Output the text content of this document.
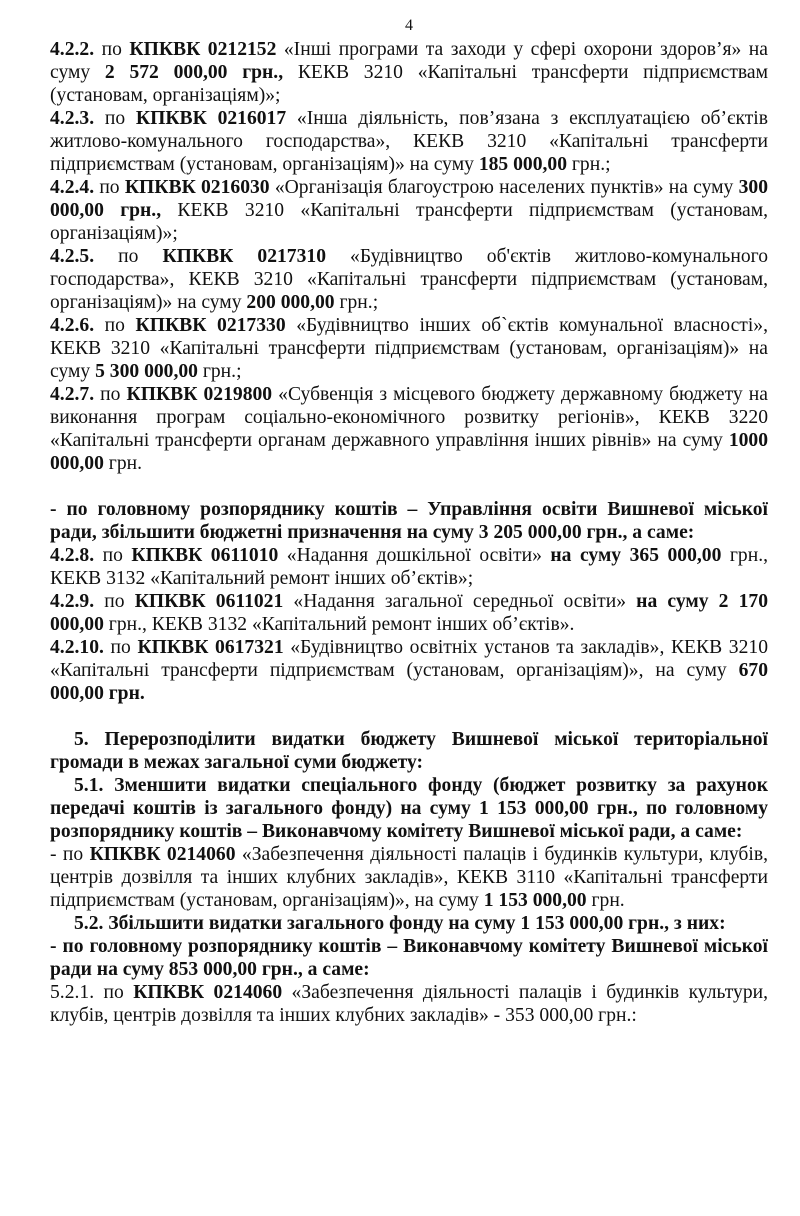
4

4.2.2. по КПКВК 0212152 «Інші програми та заходи у сфері охорони здоров’я» на суму 2 572 000,00 грн., КЕКВ 3210 «Капітальні трансферти підприємствам (установам, організаціям)»;

4.2.3. по КПКВК 0216017 «Інша діяльність, пов’язана з експлуатацією об’єктів житлово-комунального господарства», КЕКВ 3210 «Капітальні трансферти підприємствам (установам, організаціям)» на суму 185 000,00 грн.;

4.2.4. по КПКВК 0216030 «Організація благоустрою населених пунктів» на суму 300 000,00 грн., КЕКВ 3210 «Капітальні трансферти підприємствам (установам, організаціям)»;

4.2.5. по КПКВК 0217310 «Будівництво об'єктів житлово-комунального господарства», КЕКВ 3210 «Капітальні трансферти підприємствам (установам, організаціям)» на суму 200 000,00 грн.;

4.2.6. по КПКВК 0217330 «Будівництво інших об`єктів комунальної власності», КЕКВ 3210 «Капітальні трансферти підприємствам (установам, організаціям)» на суму 5 300 000,00 грн.;

4.2.7. по КПКВК 0219800 «Субвенція з місцевого бюджету державному бюджету на виконання програм соціально-економічного розвитку регіонів», КЕКВ 3220 «Капітальні трансферти органам державного управління інших рівнів» на суму 1000 000,00 грн.

- по головному розпоряднику коштів – Управління освіти Вишневої міської ради, збільшити бюджетні призначення на суму 3 205 000,00 грн., а саме:

4.2.8. по КПКВК 0611010 «Надання дошкільної освіти» на суму 365 000,00 грн., КЕКВ 3132 «Капітальний ремонт інших об’єктів»;

4.2.9. по КПКВК 0611021 «Надання загальної середньої освіти» на суму 2 170 000,00 грн., КЕКВ 3132 «Капітальний ремонт інших об’єктів».

4.2.10. по КПКВК 0617321 «Будівництво освітніх установ та закладів», КЕКВ 3210 «Капітальні трансферти підприємствам (установам, організаціям)», на суму 670 000,00 грн.

5. Перерозподілити видатки бюджету Вишневої міської територіальної громади в межах загальної суми бюджету:

5.1. Зменшити видатки спеціального фонду (бюджет розвитку за рахунок передачі коштів із загального фонду) на суму 1 153 000,00 грн., по головному розпоряднику коштів – Виконавчому комітету Вишневої міської ради, а саме:

- по КПКВК 0214060 «Забезпечення діяльності палаців і будинків культури, клубів, центрів дозвілля та інших клубних закладів», КЕКВ 3110 «Капітальні трансферти підприємствам (установам, організаціям)», на суму 1 153 000,00 грн.

5.2. Збільшити видатки загального фонду на суму 1 153 000,00 грн., з них:

- по головному розпоряднику коштів – Виконавчому комітету Вишневої міської ради на суму 853 000,00 грн., а саме:

5.2.1. по КПКВК 0214060 «Забезпечення діяльності палаців і будинків культури, клубів, центрів дозвілля та інших клубних закладів» - 353 000,00 грн.:
